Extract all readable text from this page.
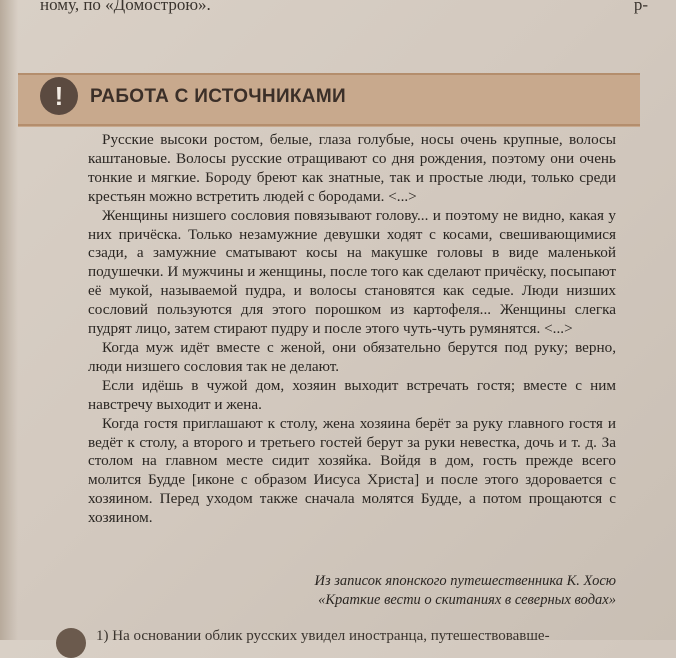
ному, по «Домострою».	р-
!	РАБОТА С ИСТОЧНИКАМИ

Русские высоки ростом, белые, глаза голубые, носы очень крупные, волосы каштановые. Волосы русские отращивают со дня рождения, поэтому они очень тонкие и мягкие. Бороду бреют как знатные, так и простые люди, только среди крестьян можно встретить людей с бородами. <...>

Женщины низшего сословия повязывают голову... и поэтому не видно, какая у них причёска. Только незамужние девушки ходят с косами, свешивающимися сзади, а замужние сматывают косы на макушке головы в виде маленькой подушечки. И мужчины и женщины, после того как сделают причёску, посыпают её мукой, называемой пудра, и волосы становятся как седые. Люди низших сословий пользуются для этого порошком из картофеля... Женщины слегка пудрят лицо, затем стирают пудру и после этого чуть-чуть румянятся. <...>

Когда муж идёт вместе с женой, они обязательно берутся под руку; верно, люди низшего сословия так не делают.

Если идёшь в чужой дом, хозяин выходит встречать гостя; вместе с ним навстречу выходит и жена.

Когда гостя приглашают к столу, жена хозяина берёт за руку главного гостя и ведёт к столу, а второго и третьего гостей берут за руки невестка, дочь и т. д. За столом на главном месте сидит хозяйка. Войдя в дом, гость прежде всего молится Будде [иконе с образом Иисуса Христа] и после этого здоровается с хозяином. Перед уходом также сначала молятся Будде, а потом прощаются с хозяином.

Из записок японского путешественника К. Хосю
«Краткие вести о скитаниях в северных водах»
1) На основании облик русских увидел иностранца, путешествовавше-
